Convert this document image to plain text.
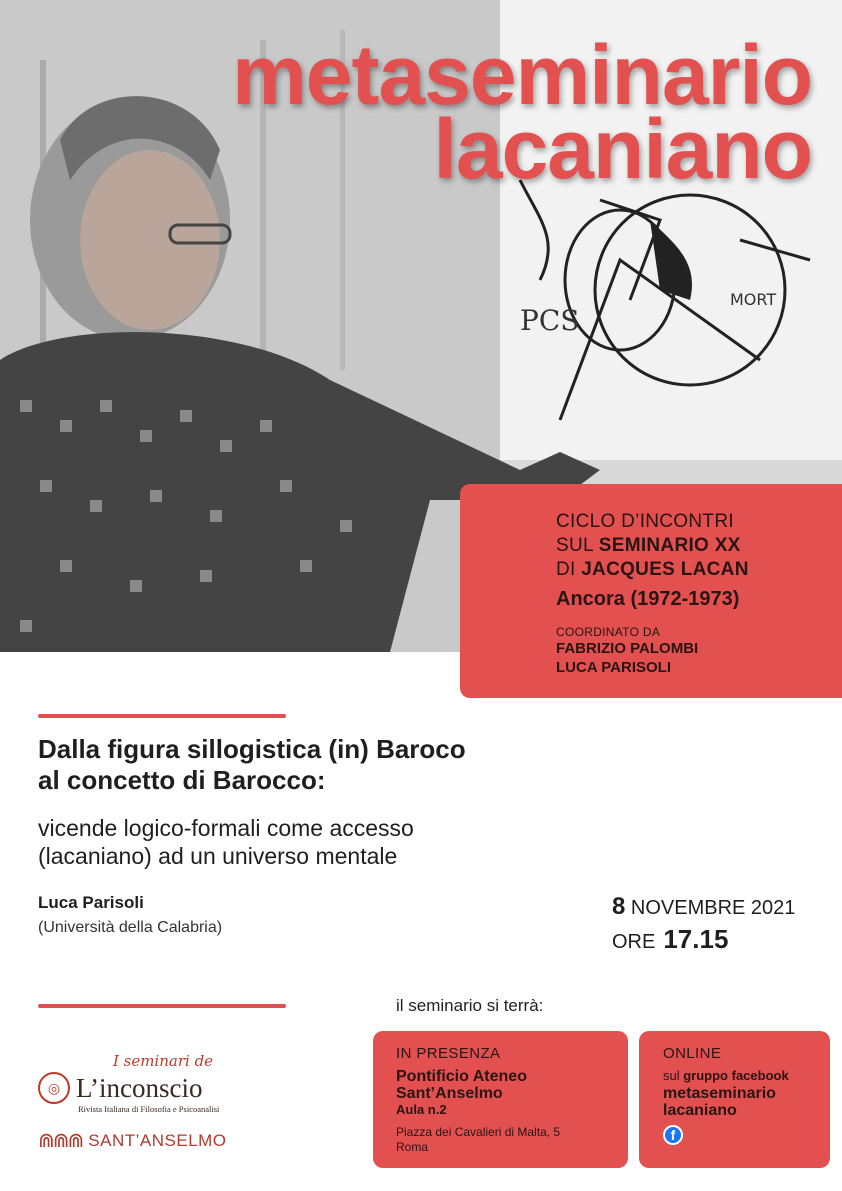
PCS
MORT
metaseminario
lacaniano
CICLO D’INCONTRI
SUL SEMINARIO XX
DI JACQUES LACAN
Ancora (1972-1973)
COORDINATO DA
FABRIZIO PALOMBI
LUCA PARISOLI
Dalla figura sillogistica (in) Baroco
al concetto di Barocco:
vicende logico-formali come accesso
(lacaniano) ad un universo mentale
Luca Parisoli
(Università della Calabria)
8 NOVEMBRE 2021
ORE 17.15
il seminario si terrà:
IN PRESENZA
Pontificio Ateneo
Sant’Anselmo
Aula n.2
Piazza dei Cavalieri di Malta, 5
Roma
ONLINE
sul gruppo facebook
metaseminario
lacaniano
f
I seminari de
◎ L’inconscio
Rivista Italiana di Filosofia e Psicoanalisi
⋒⋒⋒ SANT’ANSELMO
